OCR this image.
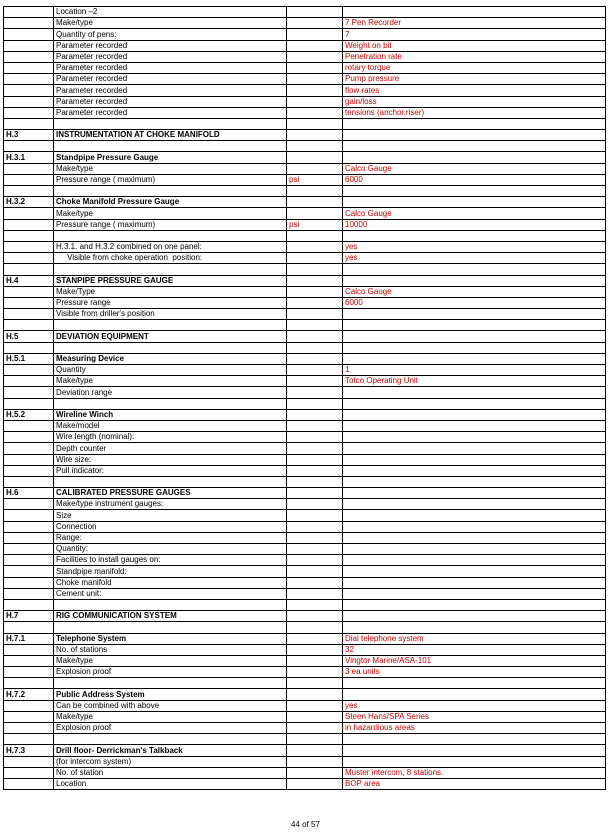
	Location –2		
	Make/type		7 Pen Recorder
	Quantity of pens:		7
	Parameter recorded		Weight on bit
	Parameter recorded		Penetration rate
	Parameter recorded		rotary torque
	Parameter recorded		Pump pressure
	Parameter recorded		flow rates
	Parameter recorded		gain/loss
	Parameter recorded		tensions (anchor,riser)

H.3	INSTRUMENTATION AT CHOKE MANIFOLD		

H.3.1	Standpipe Pressure Gauge		
	Make/type		Calco Gauge
	Pressure range ( maximum)	psi	6000

H.3.2	Choke Manifold Pressure Gauge		
	Make/type		Calco Gauge
	Pressure range ( maximum)	psi	10000

	H.3.1. and H.3.2 combined on one panel:		yes
	Visible from choke operation  position:		yes

H.4	STANPIPE PRESSURE GAUGE		
	Make/Type		Calco Gauge
	Pressure range		6000
	Visible from driller's position		

H.5	DEVIATION EQUIPMENT		

H.5.1	Measuring Device		
	Quantity		1
	Make/type		Totco Operating Unit
	Deviation range		

H.5.2	Wireline Winch		
	Make/model		
	Wire length (nominal):		
	Depth counter		
	Wire size:		
	Pull indicator:		

H.6	CALIBRATED PRESSURE GAUGES		
	Make/type instrument gauges:		
	Size		
	Connection		
	Range:		
	Quantity:		
	Facilities to install gauges on:		
	Standpipe manifold:		
	Choke manifold		
	Cement unit:		

H.7	RIG COMMUNICATION SYSTEM		

H.7.1	Telephone System		Dial telephone system
	No. of stations		32
	Make/type		Vingtor Marine/ASA-101
	Explosion proof		3 ea units

H.7.2	Public Address System		
	Can be combined with above		yes
	Make/type		Steen Hans/SPA Series
	Explosion proof		in hazardious areas

H.7.3	Drill floor- Derrickman's Talkback		
	(for intercom system)		
	No. of station		Muster intercom, 8 stations.
	Location		BOP area
44 of 57
